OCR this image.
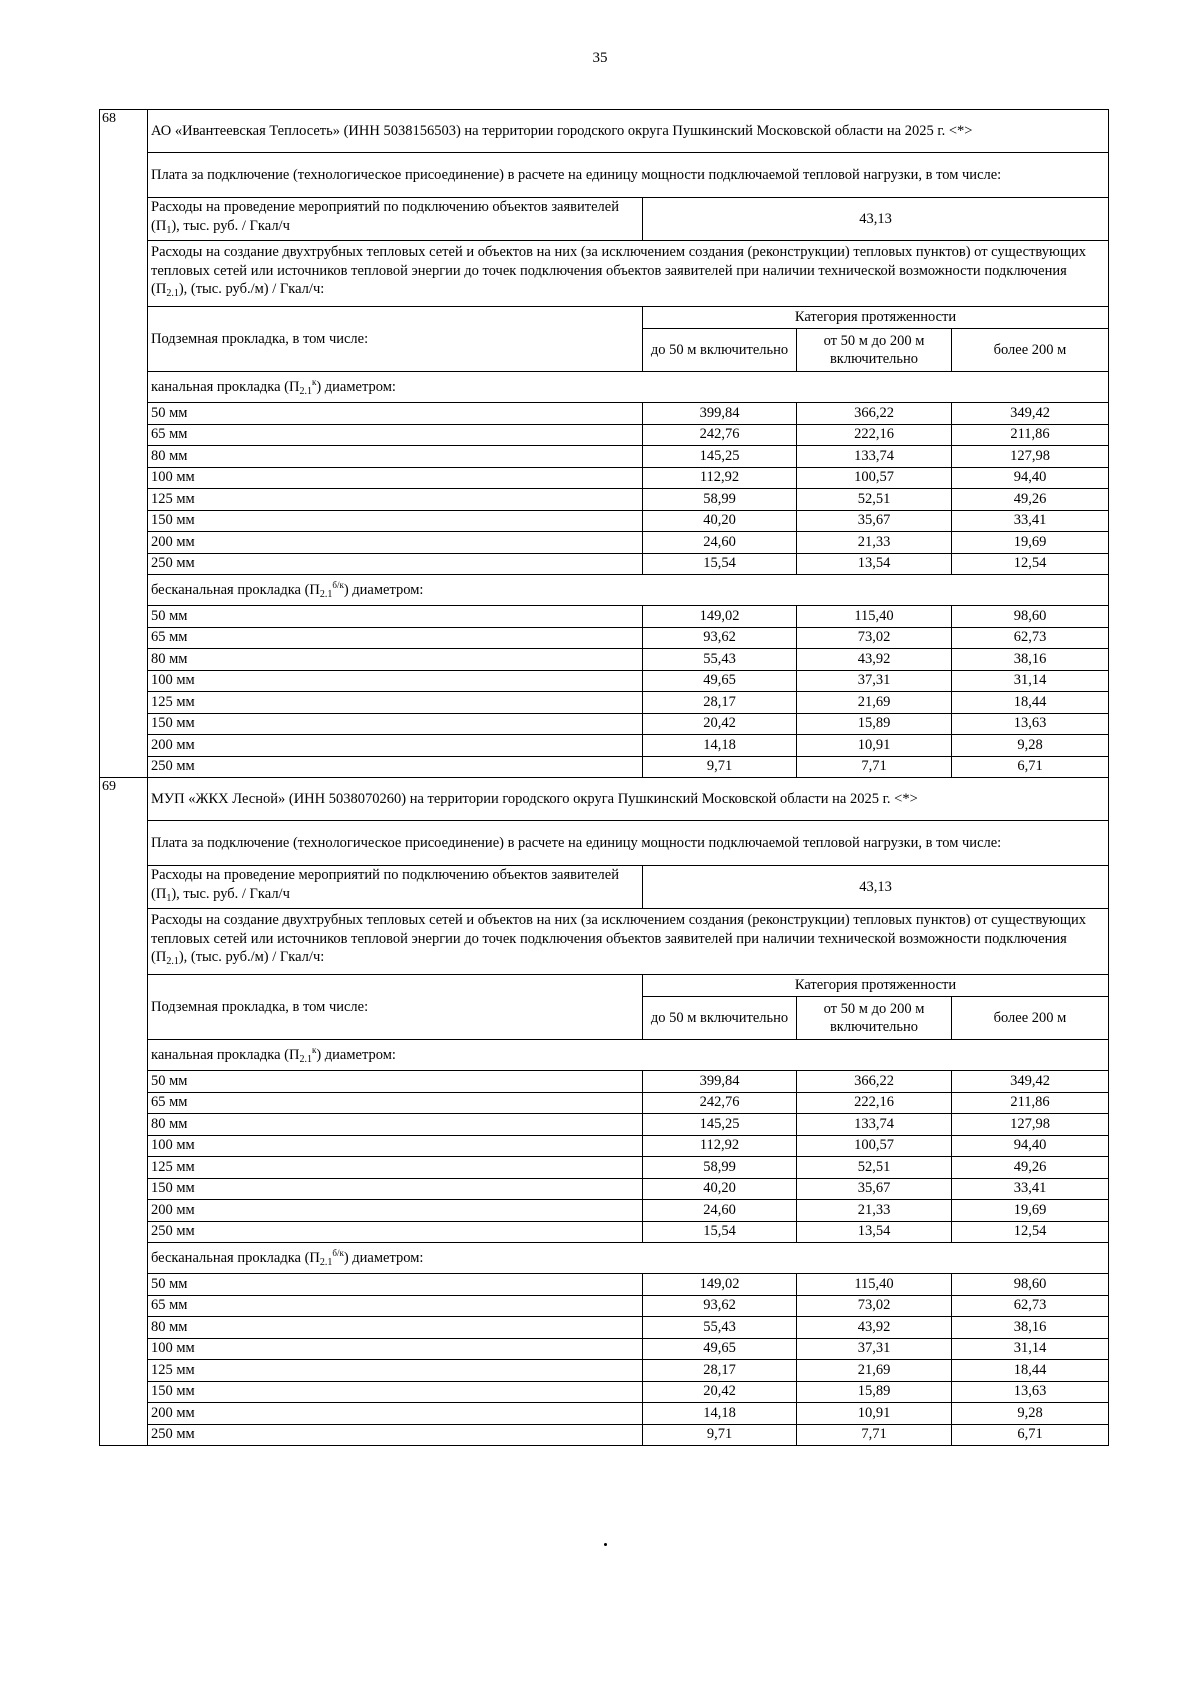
35
68	АО «Ивантеевская Теплосеть» (ИНН 5038156503) на территории городского округа Пушкинский Московской области на 2025 г. <*>			
	Плата за подключение (технологическое присоединение) в расчете на единицу мощности подключаемой тепловой нагрузки, в том числе:			
	Расходы на проведение мероприятий по подключению объектов заявителей $(П_1)$, тыс. руб. / Гкал/ч	43,13		
	Расходы на создание двухтрубных тепловых сетей и объектов на них (за исключением создания (реконструкции) тепловых пунктов) от существующих тепловых сетей или источников тепловой энергии до точек подключения объектов заявителей при наличии технической возможности подключения $(П_{2.1})$, (тыс. руб./м) / Гкал/ч:			
	Подземная прокладка, в том числе:	Категория протяженности		
		до 50 м включительно	от 50 м до 200 м включительно	более 200 м
	канальная прокладка $(П_{2.1}^к)$ диаметром:			
	50 мм	399,84	366,22	349,42
	65 мм	242,76	222,16	211,86
	80 мм	145,25	133,74	127,98
	100 мм	112,92	100,57	94,40
	125 мм	58,99	52,51	49,26
	150 мм	40,20	35,67	33,41
	200 мм	24,60	21,33	19,69
	250 мм	15,54	13,54	12,54
	бесканальная прокладка $(П_{2.1}^{б/к})$ диаметром:			
	50 мм	149,02	115,40	98,60
	65 мм	93,62	73,02	62,73
	80 мм	55,43	43,92	38,16
	100 мм	49,65	37,31	31,14
	125 мм	28,17	21,69	18,44
	150 мм	20,42	15,89	13,63
	200 мм	14,18	10,91	9,28
	250 мм	9,71	7,71	6,71
69	МУП «ЖКХ Лесной» (ИНН 5038070260) на территории городского округа Пушкинский Московской области на 2025 г. <*>			
	Плата за подключение (технологическое присоединение) в расчете на единицу мощности подключаемой тепловой нагрузки, в том числе:			
	Расходы на проведение мероприятий по подключению объектов заявителей $(П_1)$, тыс. руб. / Гкал/ч	43,13		
	Расходы на создание двухтрубных тепловых сетей и объектов на них (за исключением создания (реконструкции) тепловых пунктов) от существующих тепловых сетей или источников тепловой энергии до точек подключения объектов заявителей при наличии технической возможности подключения $(П_{2.1})$, (тыс. руб./м) / Гкал/ч:			
	Подземная прокладка, в том числе:	Категория протяженности		
		до 50 м включительно	от 50 м до 200 м включительно	более 200 м
	канальная прокладка $(П_{2.1}^к)$ диаметром:			
	50 мм	399,84	366,22	349,42
	65 мм	242,76	222,16	211,86
	80 мм	145,25	133,74	127,98
	100 мм	112,92	100,57	94,40
	125 мм	58,99	52,51	49,26
	150 мм	40,20	35,67	33,41
	200 мм	24,60	21,33	19,69
	250 мм	15,54	13,54	12,54
	бесканальная прокладка $(П_{2.1}^{б/к})$ диаметром:			
	50 мм	149,02	115,40	98,60
	65 мм	93,62	73,02	62,73
	80 мм	55,43	43,92	38,16
	100 мм	49,65	37,31	31,14
	125 мм	28,17	21,69	18,44
	150 мм	20,42	15,89	13,63
	200 мм	14,18	10,91	9,28
	250 мм	9,71	7,71	6,71
